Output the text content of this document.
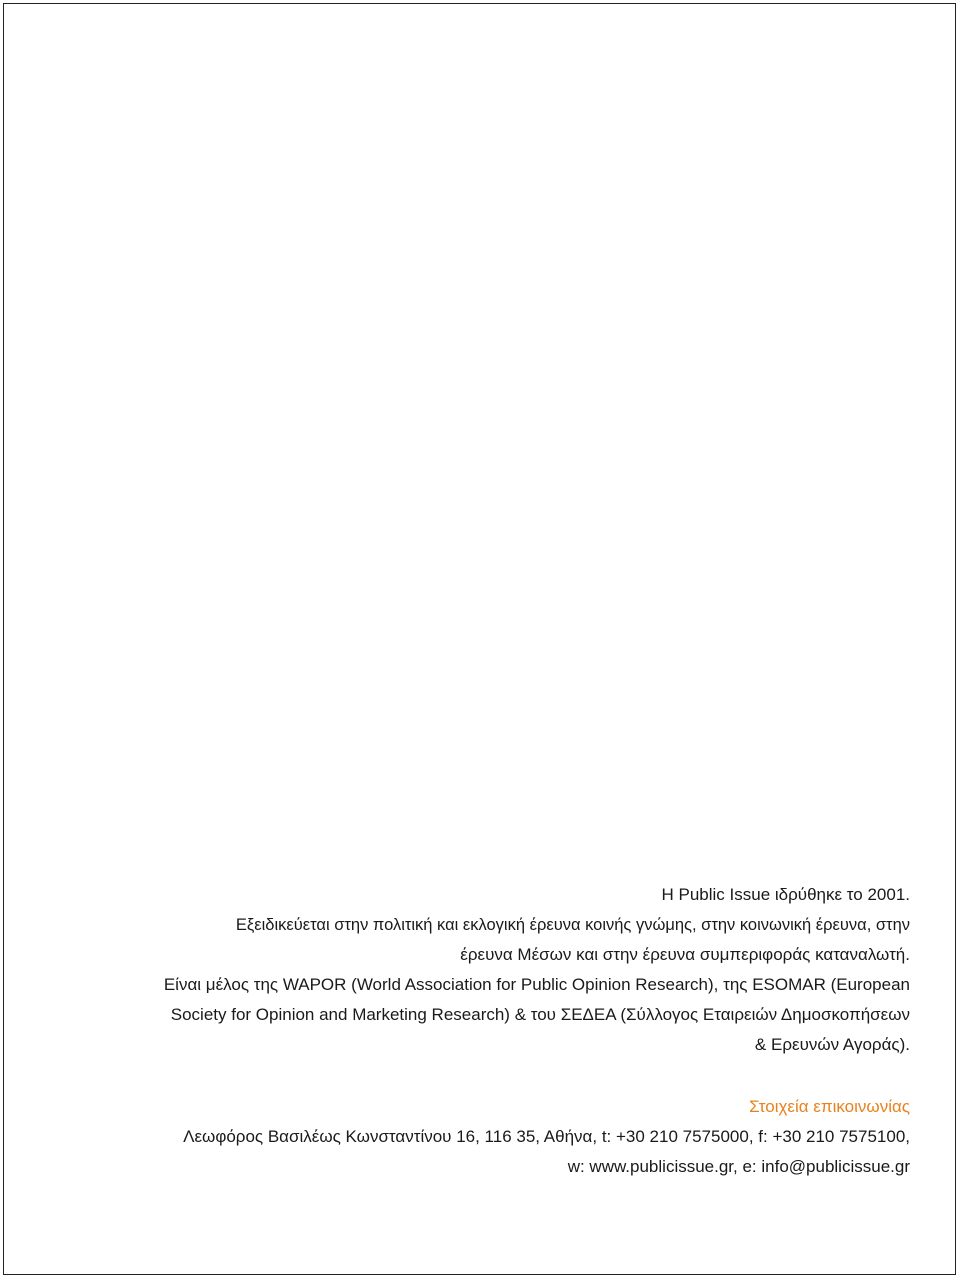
Η Public Issue ιδρύθηκε το 2001.
Εξειδικεύεται στην πολιτική και εκλογική έρευνα κοινής γνώμης, στην κοινωνική έρευνα, στην
έρευνα Μέσων και στην έρευνα συμπεριφοράς καταναλωτή.
Είναι μέλος της WAPOR (World Association for Public Opinion Research), της ESOMAR (European
Society for Opinion and Marketing Research) & του ΣΕΔΕΑ (Σύλλογος Εταιρειών Δημοσκοπήσεων
& Ερευνών Αγοράς).
Στοιχεία επικοινωνίας
Λεωφόρος Βασιλέως Κωνσταντίνου 16, 116 35, Αθήνα, t: +30 210 7575000, f: +30 210 7575100,
w: www.publicissue.gr, e: info@publicissue.gr
